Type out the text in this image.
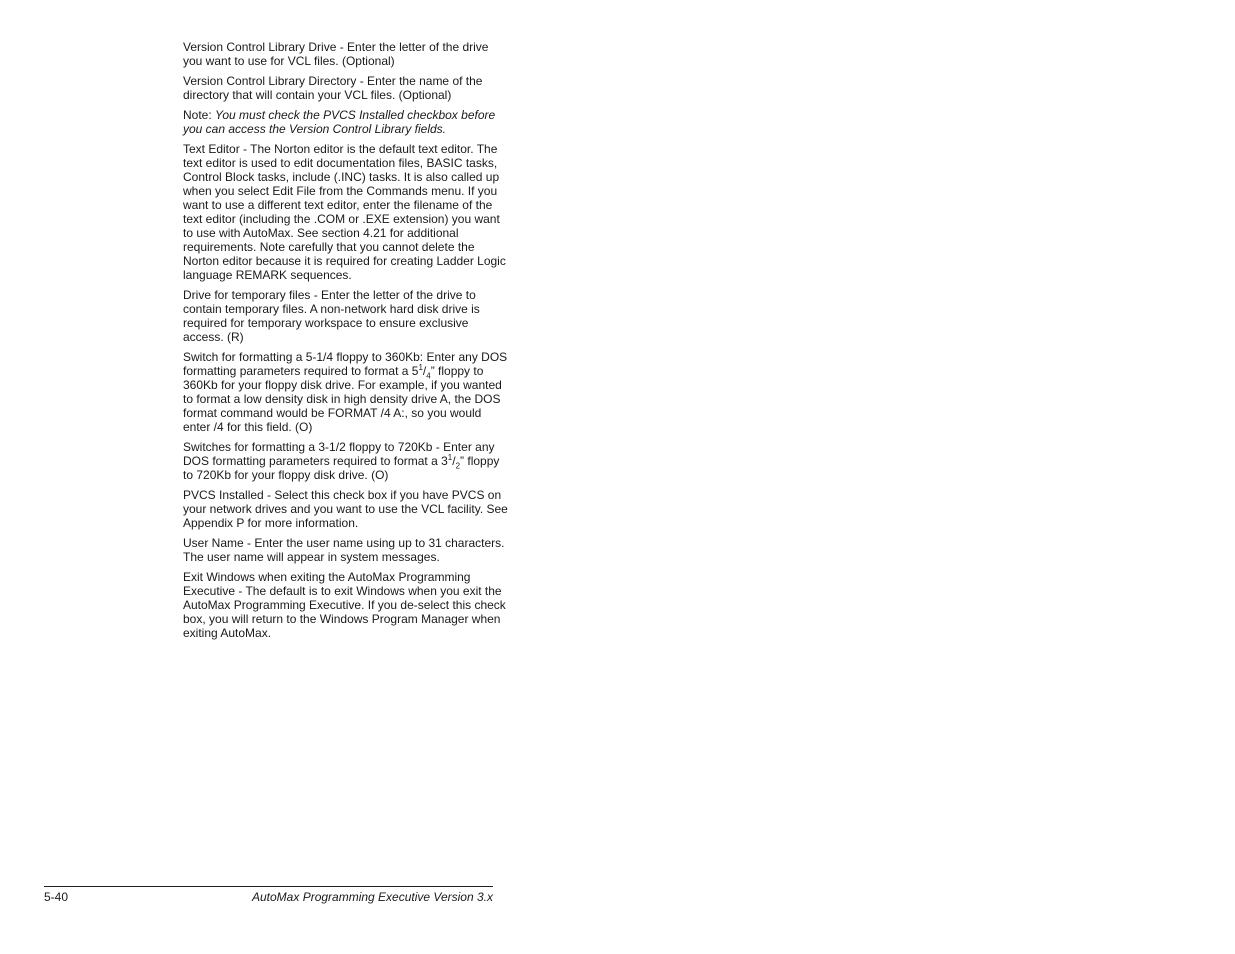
Version Control Library Drive - Enter the letter of the drive you want to use for VCL files. (Optional)

Version Control Library Directory - Enter the name of the directory that will contain your VCL files. (Optional)

Note: You must check the PVCS Installed checkbox before you can access the Version Control Library fields.

Text Editor - The Norton editor is the default text editor. The text editor is used to edit documentation files, BASIC tasks, Control Block tasks, include (.INC) tasks. It is also called up when you select Edit File from the Commands menu. If you want to use a different text editor, enter the filename of the text editor (including the .COM or .EXE extension) you want to use with AutoMax. See section 4.21 for additional requirements. Note carefully that you cannot delete the Norton editor because it is required for creating Ladder Logic language REMARK sequences.

Drive for temporary files - Enter the letter of the drive to contain temporary files. A non-network hard disk drive is required for temporary workspace to ensure exclusive access. (R)

Switch for formatting a 5-1/4 floppy to 360Kb: Enter any DOS formatting parameters required to format a $5^1/_4$” floppy to 360Kb for your floppy disk drive. For example, if you wanted to format a low density disk in high density drive A, the DOS format command would be FORMAT /4 A:, so you would enter /4 for this field. (O)

Switches for formatting a 3-1/2 floppy to 720Kb - Enter any DOS formatting parameters required to format a $3^1/_2$” floppy to 720Kb for your floppy disk drive. (O)

PVCS Installed - Select this check box if you have PVCS on your network drives and you want to use the VCL facility. See Appendix P for more information.

User Name - Enter the user name using up to 31 characters. The user name will appear in system messages.

Exit Windows when exiting the AutoMax Programming Executive - The default is to exit Windows when you exit the AutoMax Programming Executive. If you de-select this check box, you will return to the Windows Program Manager when exiting AutoMax.

5-40	AutoMax Programming Executive Version 3.x
